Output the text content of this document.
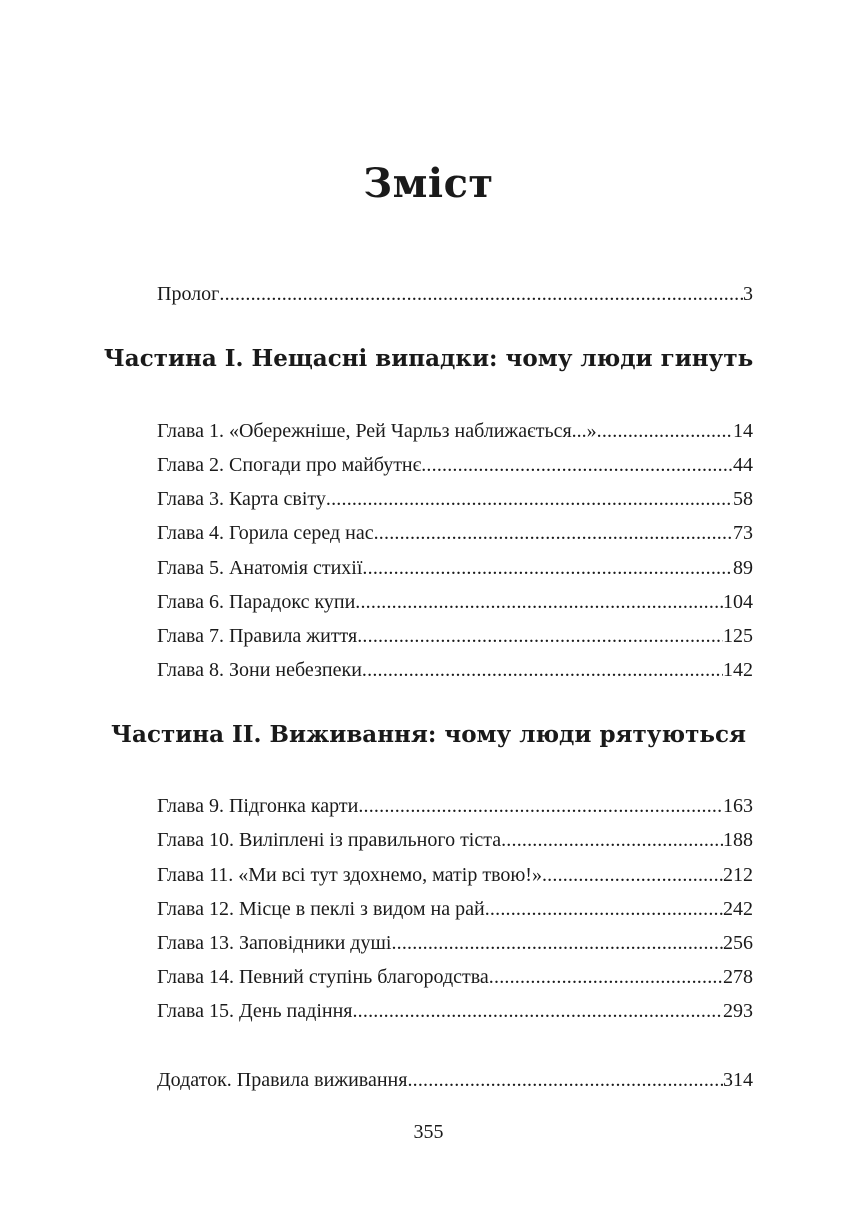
Зміст
Пролог .....	3
Частина І. Нещасні випадки: чому люди гинуть
Глава 1. «Обережніше, Рей Чарльз наближається...» .....	14
Глава 2. Спогади про майбутнє .....	44
Глава 3. Карта світу .....	58
Глава 4. Горила серед нас .....	73
Глава 5. Анатомія стихії .....	89
Глава 6. Парадокс купи .....	104
Глава 7. Правила життя .....	125
Глава 8. Зони небезпеки .....	142
Частина ІІ. Виживання: чому люди рятуються
Глава 9. Підгонка карти .....	163
Глава 10. Виліплені із правильного тіста .....	188
Глава 11. «Ми всі тут здохнемо, матір твою!» .....	212
Глава 12. Місце в пеклі з видом на рай .....	242
Глава 13. Заповідники душі .....	256
Глава 14. Певний ступінь благородства .....	278
Глава 15. День падіння .....	293
Додаток. Правила виживання .....	314
355
